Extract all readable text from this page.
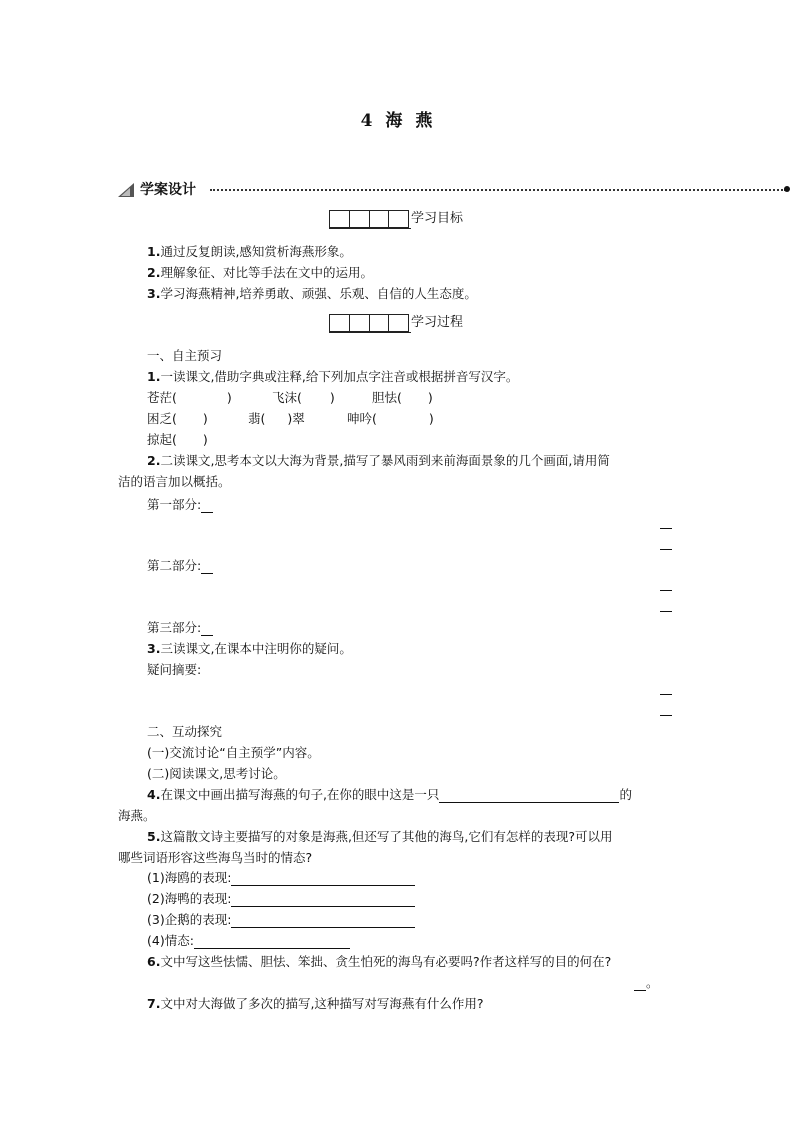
4 海 燕
学案设计
学习目标
1.通过反复朗读,感知赏析海燕形象。
2.理解象征、对比等手法在文中的运用。
3.学习海燕精神,培养勇敢、顽强、乐观、自信的人生态度。
学习过程
一、自主预习
1.一读课文,借助字典或注释,给下列加点字注音或根据拼音写汉字。
苍茫(	)	飞沫( )	胆怯( )
困乏( )	翡( )翠	呻吟(	)
掠起( )
2.二读课文,思考本文以大海为背景,描写了暴风雨到来前海面景象的几个画面,请用简
洁的语言加以概括。
第一部分:
第二部分:
第三部分:
3.三读课文,在课本中注明你的疑问。
疑问摘要:
二、互动探究
(一)交流讨论“自主预学”内容。
(二)阅读课文,思考讨论。
4.在课文中画出描写海燕的句子,在你的眼中这是一只	的
海燕。
5.这篇散文诗主要描写的对象是海燕,但还写了其他的海鸟,它们有怎样的表现?可以用
哪些词语形容这些海鸟当时的情态?
(1)海鸥的表现:
(2)海鸭的表现:
(3)企鹅的表现:
(4)情态:
6.文中写这些怯懦、胆怯、笨拙、贪生怕死的海鸟有必要吗?作者这样写的目的何在?
。
7.文中对大海做了多次的描写,这种描写对写海燕有什么作用?
